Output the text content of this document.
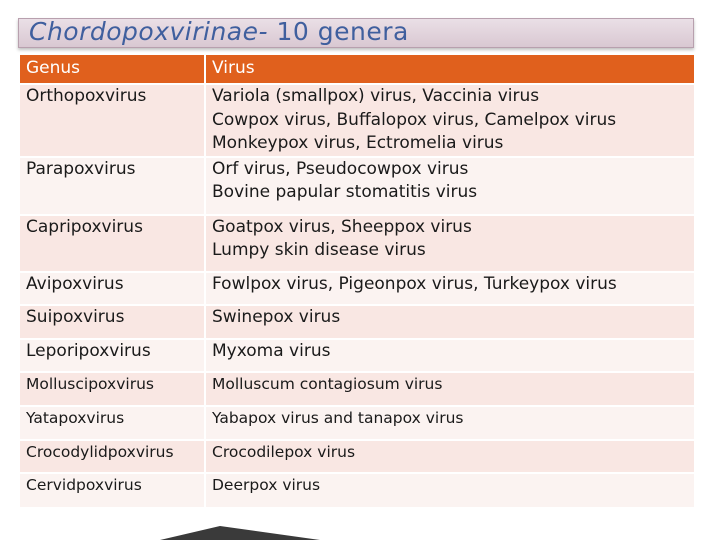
Chordopoxvirinae- 10 genera
Genus	Virus
Orthopoxvirus	Variola (smallpox) virus, Vaccinia virus
Cowpox virus, Buffalopox virus, Camelpox virus
Monkeypox virus, Ectromelia virus

Parapoxvirus	Orf virus, Pseudocowpox virus
Bovine papular stomatitis virus

Capripoxvirus	Goatpox virus, Sheeppox virus
Lumpy skin disease virus

Avipoxvirus	Fowlpox virus, Pigeonpox virus, Turkeypox virus

Suipoxvirus	Swinepox virus

Leporipoxvirus	Myxoma virus

Molluscipoxvirus	Molluscum contagiosum virus

Yatapoxvirus	Yabapox virus and tanapox virus

Crocodylidpoxvirus	Crocodilepox virus

Cervidpoxvirus	Deerpox virus
